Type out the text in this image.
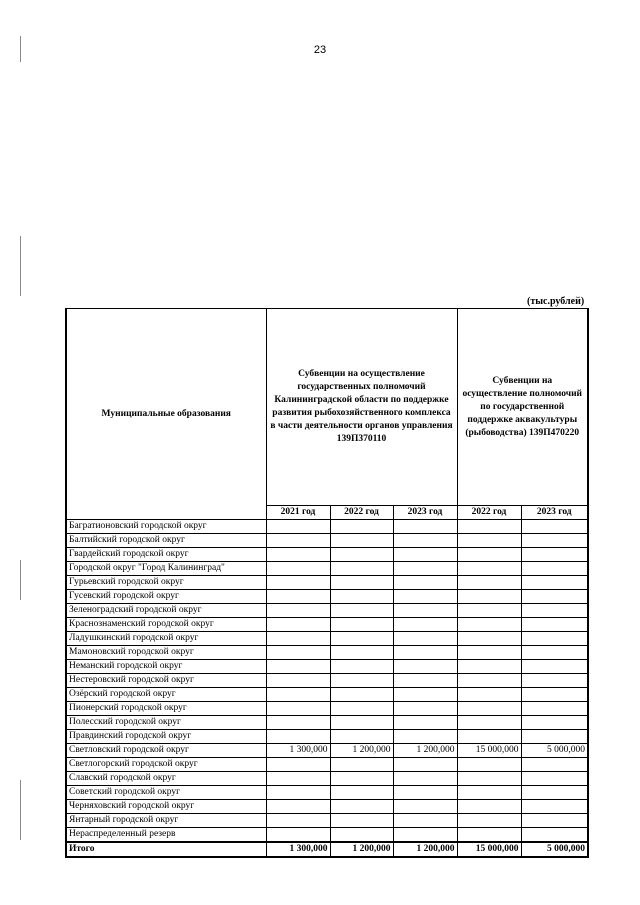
23
(тыс.рублей)
Муниципальные образования	Субвенции на осуществление государственных полномочий Калининградской области по поддержке развития рыбохозяйственного комплекса в части деятельности органов управления 139П370110			Субвенции на осуществление полномочий по государственной поддержке аквакультуры (рыбоводства) 139П470220	
	2021 год	2022 год	2023 год	2022 год	2023 год
Багратионовский городской округ					
Балтийский городской округ					
Гвардейский городской округ					
Городской округ "Город Калининград"					
Гурьевский городской округ					
Гусевский городской округ					
Зеленоградский городской округ					
Краснознаменский городской округ					
Ладушкинский городской округ					
Мамоновский городской округ					
Неманский городской округ					
Нестеровский городской округ					
Озёрский городской округ					
Пионерский городской округ					
Полесский городской округ					
Правдинский городской округ					
Светловский городской округ	1 300,000	1 200,000	1 200,000	15 000,000	5 000,000
Светлогорский городской округ					
Славский городской округ					
Советский городской округ					
Черняховский городской округ					
Янтарный городской округ					
Нераспределенный резерв					
Итого	1 300,000	1 200,000	1 200,000	15 000,000	5 000,000
